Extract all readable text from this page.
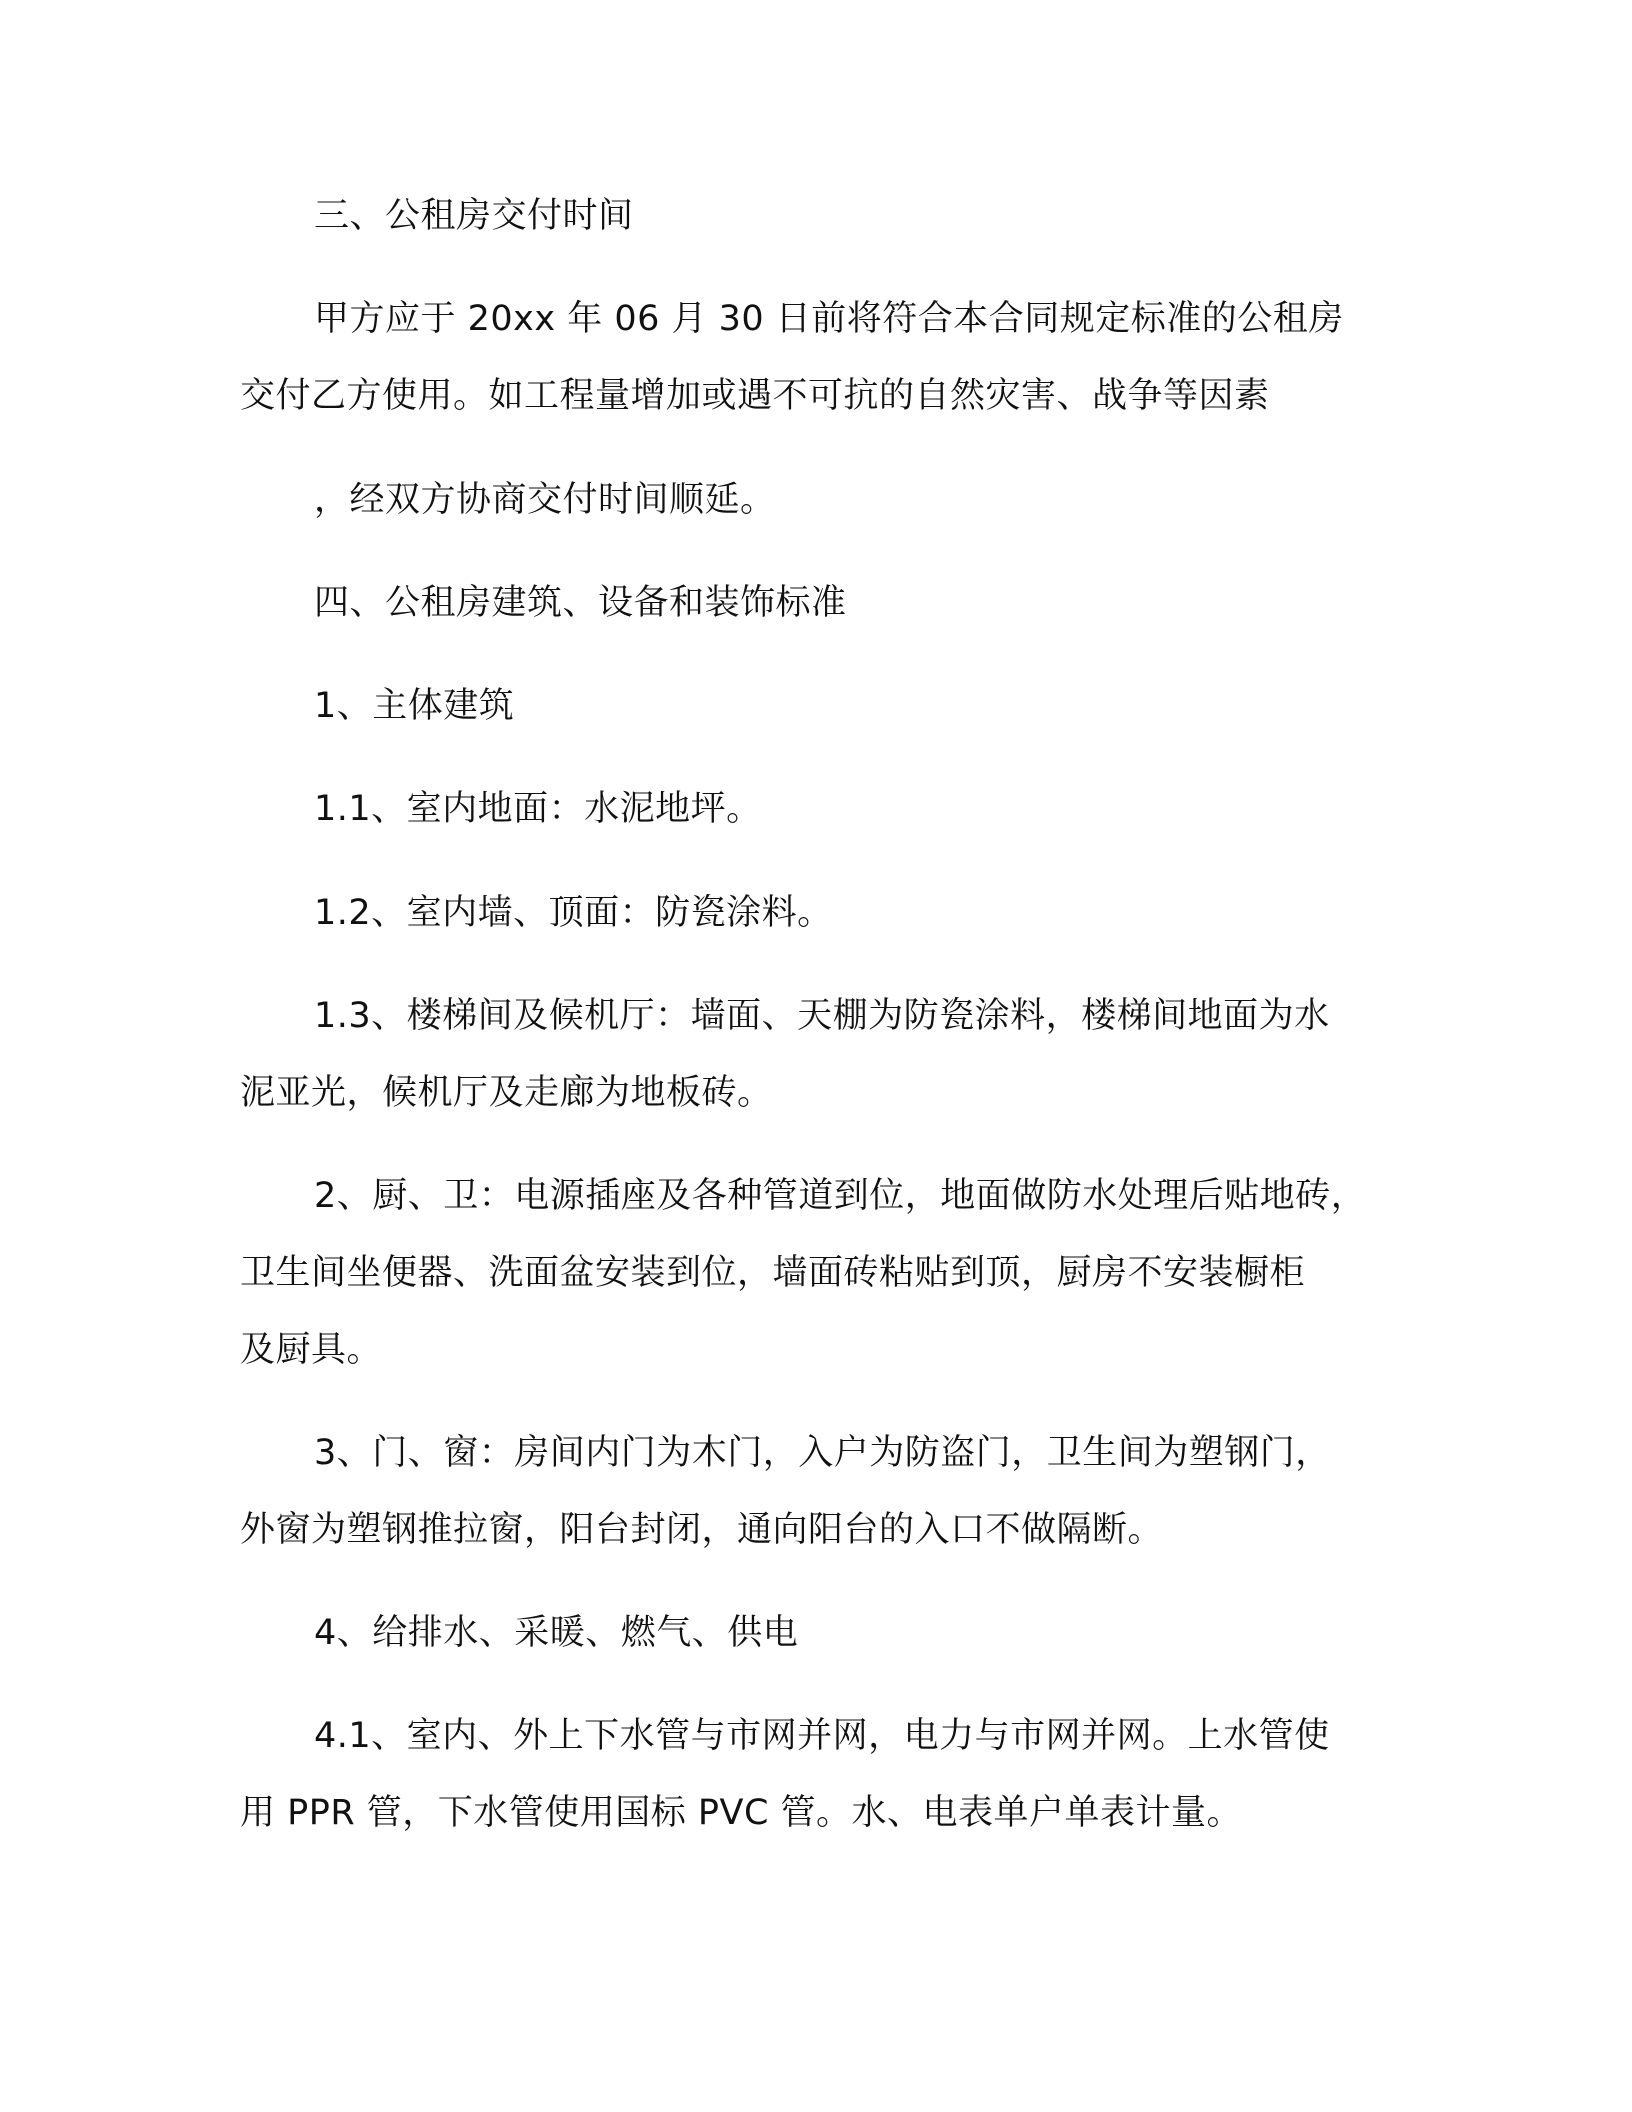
三、公租房交付时间
甲方应于 20xx 年 06 月 30 日前将符合本合同规定标准的公租房
交付乙方使用。如工程量增加或遇不可抗的自然灾害、战争等因素
，经双方协商交付时间顺延。
四、公租房建筑、设备和装饰标准
1、主体建筑
1.1、室内地面：水泥地坪。
1.2、室内墙、顶面：防瓷涂料。
1.3、楼梯间及候机厅：墙面、天棚为防瓷涂料，楼梯间地面为水
泥亚光，候机厅及走廊为地板砖。
2、厨、卫：电源插座及各种管道到位，地面做防水处理后贴地砖，
卫生间坐便器、洗面盆安装到位，墙面砖粘贴到顶，厨房不安装橱柜
及厨具。
3、门、窗：房间内门为木门，入户为防盗门，卫生间为塑钢门，
外窗为塑钢推拉窗，阳台封闭，通向阳台的入口不做隔断。
4、给排水、采暖、燃气、供电
4.1、室内、外上下水管与市网并网，电力与市网并网。上水管使
用 PPR 管，下水管使用国标 PVC 管。水、电表单户单表计量。
